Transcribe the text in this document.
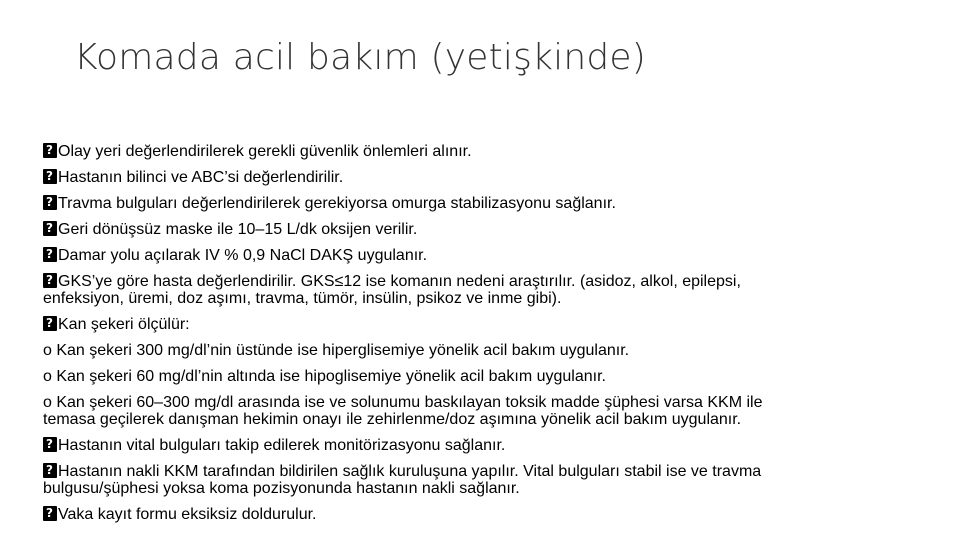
Komada acil bakım (yetişkinde)
?Olay yeri değerlendirilerek gerekli güvenlik önlemleri alınır.
?Hastanın bilinci ve ABC’si değerlendirilir.
?Travma bulguları değerlendirilerek gerekiyorsa omurga stabilizasyonu sağlanır.
?Geri dönüşsüz maske ile 10–15 L/dk oksijen verilir.
?Damar yolu açılarak IV % 0,9 NaCl DAKŞ uygulanır.
?GKS’ye göre hasta değerlendirilir. GKS≤12 ise komanın nedeni araştırılır. (asidoz, alkol, epilepsi,
enfeksiyon, üremi, doz aşımı, travma, tümör, insülin, psikoz ve inme gibi).
?Kan şekeri ölçülür:
o Kan şekeri 300 mg/dl’nin üstünde ise hiperglisemiye yönelik acil bakım uygulanır.
o Kan şekeri 60 mg/dl’nin altında ise hipoglisemiye yönelik acil bakım uygulanır.
o Kan şekeri 60–300 mg/dl arasında ise ve solunumu baskılayan toksik madde şüphesi varsa KKM ile
temasa geçilerek danışman hekimin onayı ile zehirlenme/doz aşımına yönelik acil bakım uygulanır.
?Hastanın vital bulguları takip edilerek monitörizasyonu sağlanır.
?Hastanın nakli KKM tarafından bildirilen sağlık kuruluşuna yapılır. Vital bulguları stabil ise ve travma
bulgusu/şüphesi yoksa koma pozisyonunda hastanın nakli sağlanır.
?Vaka kayıt formu eksiksiz doldurulur.
